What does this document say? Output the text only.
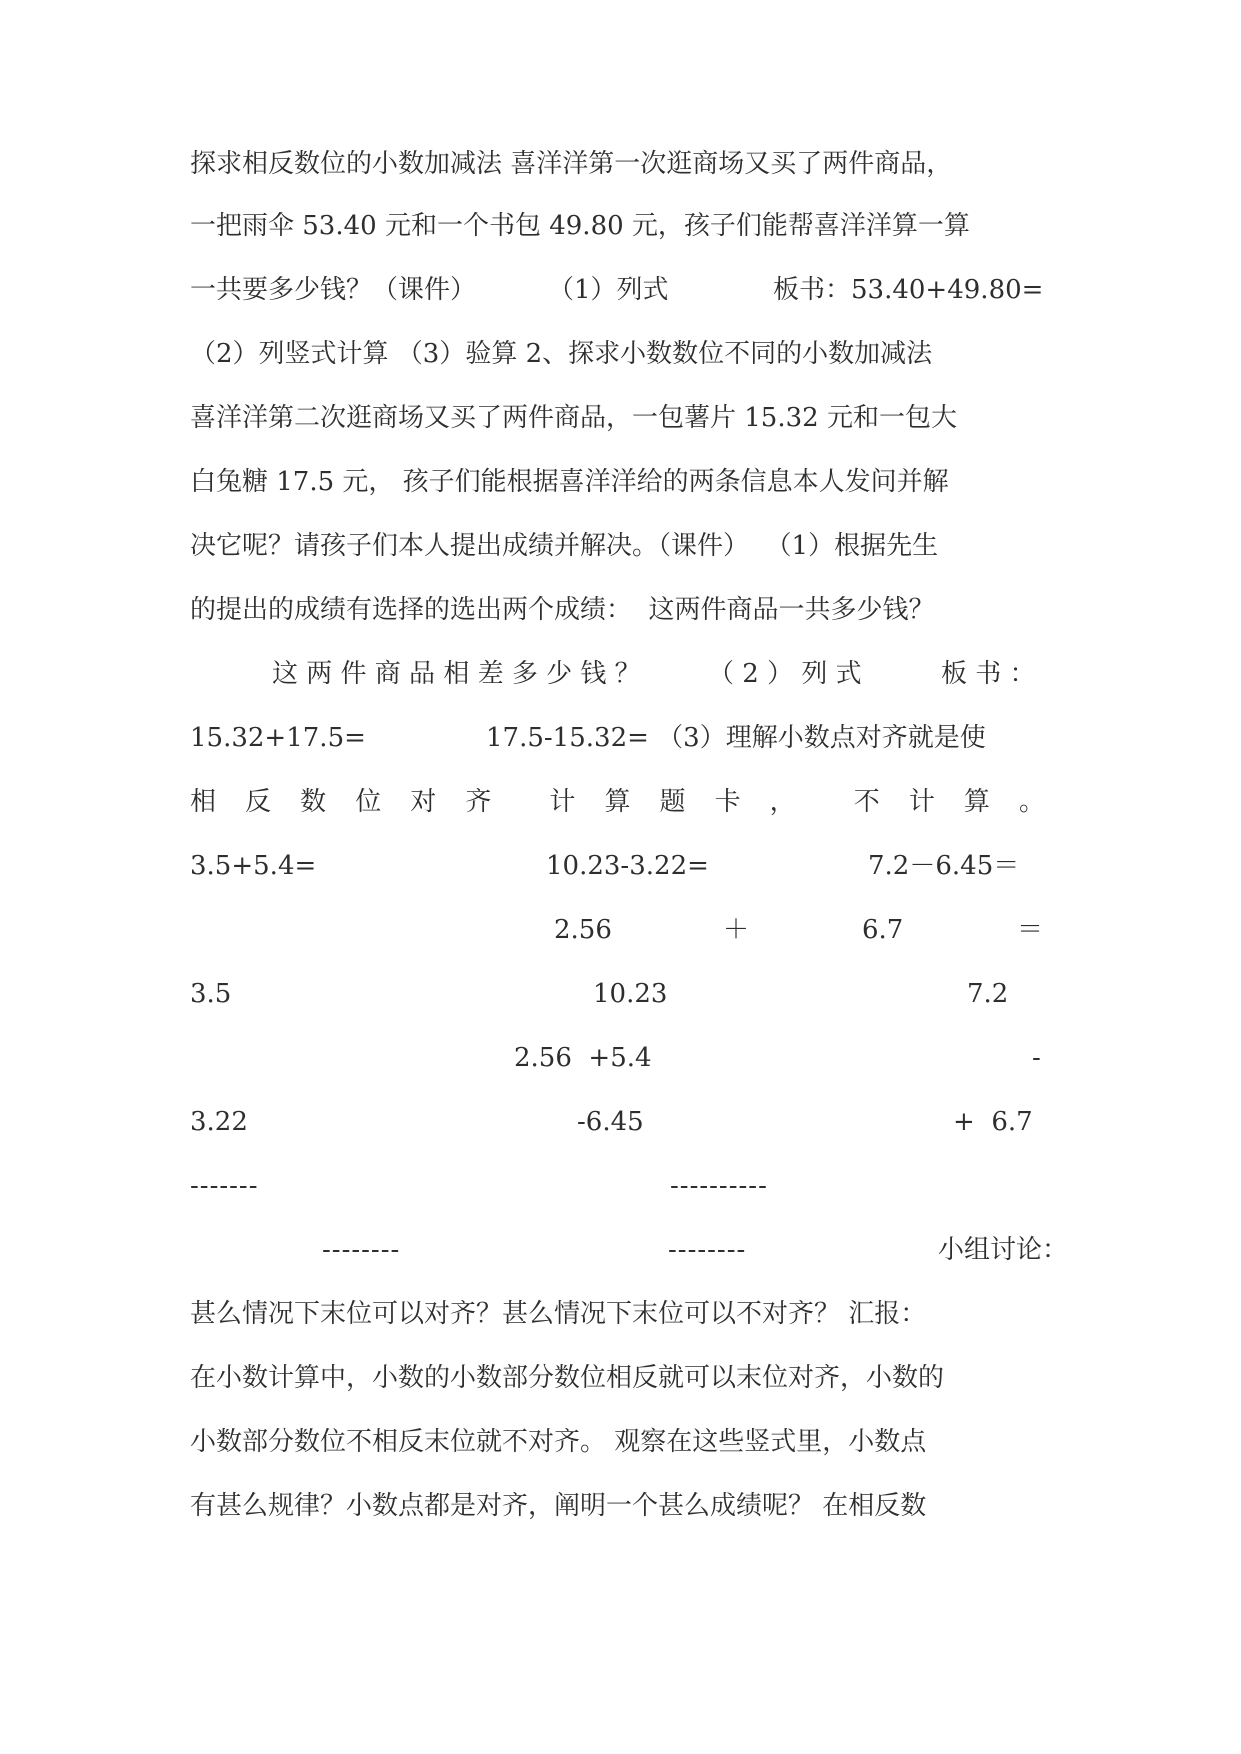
探求相反数位的小数加减法 喜洋洋第一次逛商场又买了两件商品，
一把雨伞 53.40 元和一个书包 49.80 元，孩子们能帮喜洋洋算一算
一共要多少钱？（课件）	（1）列式	板书：53.40+49.80=
（2）列竖式计算 （3）验算 2、探求小数数位不同的小数加减法
喜洋洋第二次逛商场又买了两件商品，一包薯片 15.32 元和一包大
白兔糖 17.5 元， 孩子们能根据喜洋洋给的两条信息本人发问并解
决它呢？请孩子们本人提出成绩并解决。（课件）  （1）根据先生
的提出的成绩有选择的选出两个成绩：  这两件商品一共多少钱？
这 两 件 商 品 相 差 多 少 钱 ？	（ 2 ） 列 式	板 书 ：
15.32+17.5=	17.5-15.32= （3）理解小数点对齐就是使
相 反 数 位 对 齐 计 算 题 卡 ， 不 计 算 。
3.5+5.4=	10.23-3.22=	7.2－6.45＝
2.56	＋	6.7	＝
3.5	10.23	7.2
2.56  +5.4	-
3.22	-6.45	+  6.7
-------	----------
--------	--------	小组讨论：
甚么情况下末位可以对齐？甚么情况下末位可以不对齐？ 汇报：
在小数计算中，小数的小数部分数位相反就可以末位对齐，小数的
小数部分数位不相反末位就不对齐。 观察在这些竖式里，小数点
有甚么规律？小数点都是对齐，阐明一个甚么成绩呢？ 在相反数
